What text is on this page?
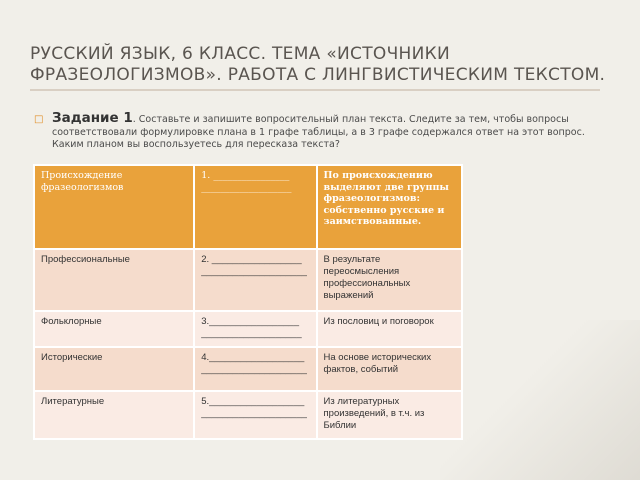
РУССКИЙ ЯЗЫК, 6 КЛАСС. ТЕМА «ИСТОЧНИКИ ФРАЗЕОЛОГИЗМОВ». РАБОТА С ЛИНГВИСТИЧЕСКИМ ТЕКСТОМ.
□ Задание 1. Составьте и запишите вопросительный план текста. Следите за тем, чтобы вопросы соответствовали формулировке плана в 1 графе таблицы, а в 3 графе содержался ответ на этот вопрос. Каким планом вы воспользуетесь для пересказа текста?
Происхождение фразеологизмов	1. ________________ ___________________	По происхождению выделяют две группы фразеологизмов: собственно русские и заимствованные.
Профессиональные	2. _________________ ____________________	В результате переосмысления профессиональных выражений
Фольклорные	3._________________ ___________________	Из пословиц и поговорок
Исторические	4.__________________ ____________________	На основе исторических фактов, событий
Литературные	5.__________________ ____________________	Из литературных произведений, в т.ч. из Библии
